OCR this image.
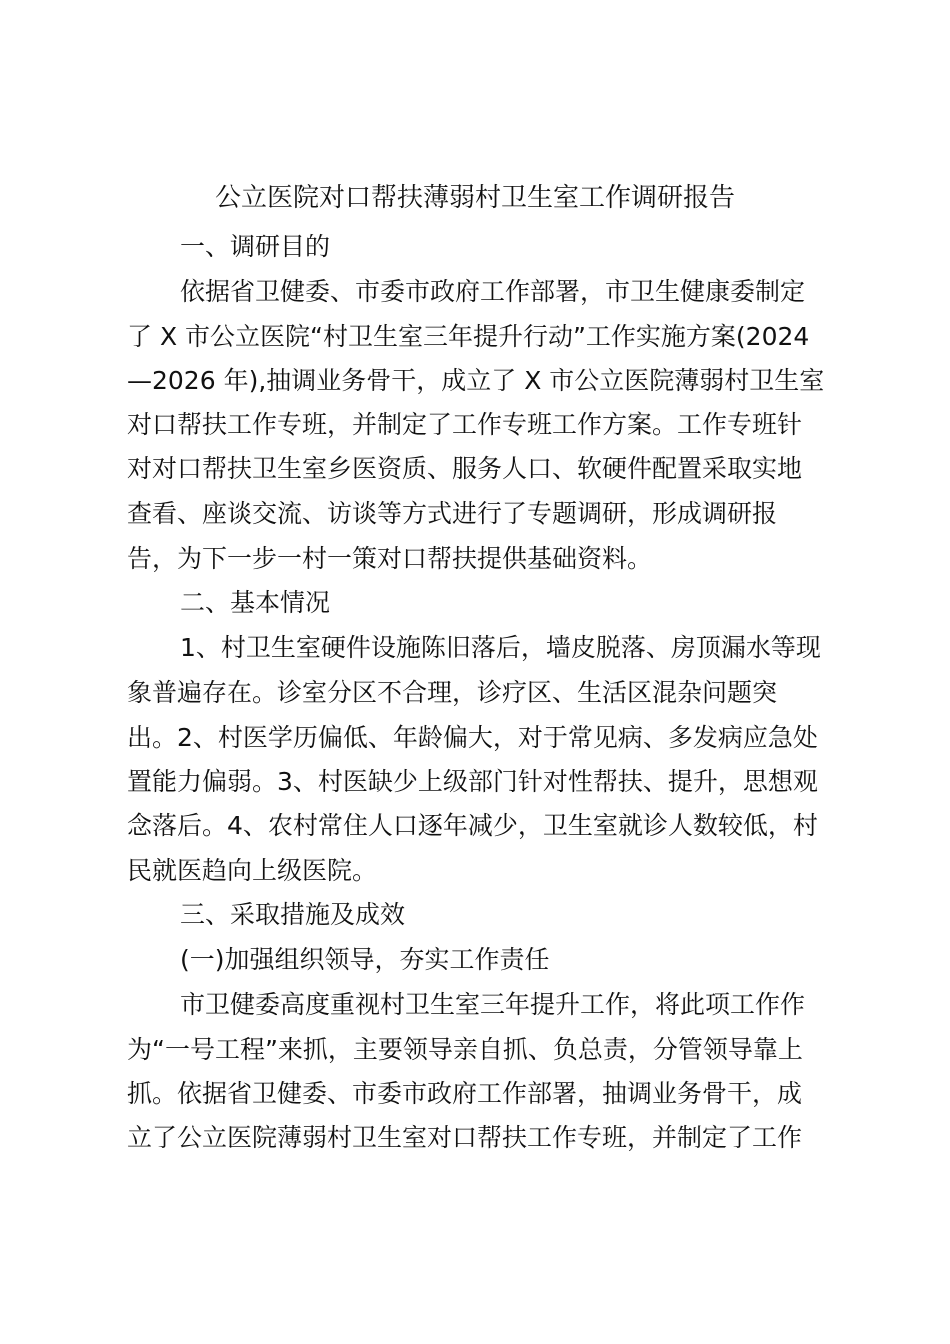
公立医院对口帮扶薄弱村卫生室工作调研报告
一、调研目的
依据省卫健委、市委市政府工作部署，市卫生健康委制定
了 X 市公立医院“村卫生室三年提升行动”工作实施方案(2024
—2026 年),抽调业务骨干，成立了 X 市公立医院薄弱村卫生室
对口帮扶工作专班，并制定了工作专班工作方案。工作专班针
对对口帮扶卫生室乡医资质、服务人口、软硬件配置采取实地
查看、座谈交流、访谈等方式进行了专题调研，形成调研报
告，为下一步一村一策对口帮扶提供基础资料。
二、基本情况
1、村卫生室硬件设施陈旧落后，墙皮脱落、房顶漏水等现
象普遍存在。诊室分区不合理，诊疗区、生活区混杂问题突
出。2、村医学历偏低、年龄偏大，对于常见病、多发病应急处
置能力偏弱。3、村医缺少上级部门针对性帮扶、提升，思想观
念落后。4、农村常住人口逐年减少，卫生室就诊人数较低，村
民就医趋向上级医院。
三、采取措施及成效
(一)加强组织领导，夯实工作责任
市卫健委高度重视村卫生室三年提升工作，将此项工作作
为“一号工程”来抓，主要领导亲自抓、负总责，分管领导靠上
抓。依据省卫健委、市委市政府工作部署，抽调业务骨干，成
立了公立医院薄弱村卫生室对口帮扶工作专班，并制定了工作
